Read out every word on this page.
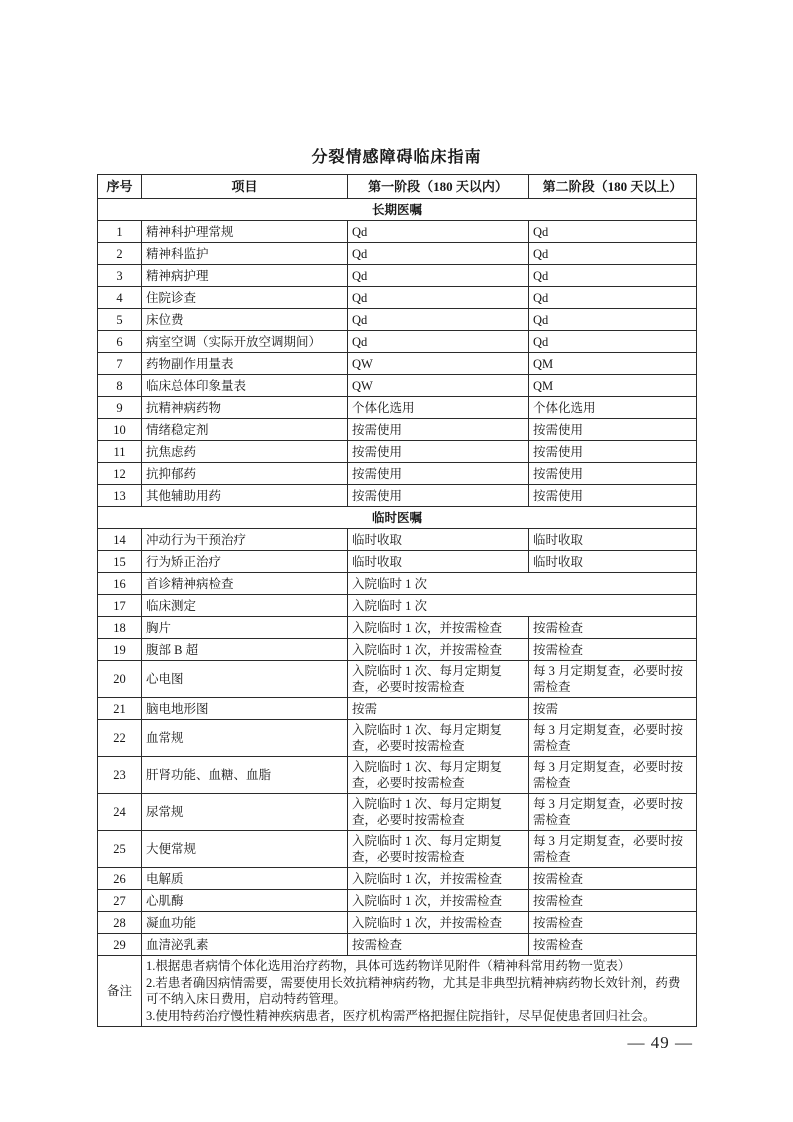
分裂情感障碍临床指南
序号	项目	第一阶段（180 天以内）	第二阶段（180 天以上）
长期医嘱			
1	精神科护理常规	Qd	Qd
2	精神科监护	Qd	Qd
3	精神病护理	Qd	Qd
4	住院诊查	Qd	Qd
5	床位费	Qd	Qd
6	病室空调（实际开放空调期间）	Qd	Qd
7	药物副作用量表	QW	QM
8	临床总体印象量表	QW	QM
9	抗精神病药物	个体化选用	个体化选用
10	情绪稳定剂	按需使用	按需使用
11	抗焦虑药	按需使用	按需使用
12	抗抑郁药	按需使用	按需使用
13	其他辅助用药	按需使用	按需使用
临时医嘱			
14	冲动行为干预治疗	临时收取	临时收取
15	行为矫正治疗	临时收取	临时收取
16	首诊精神病检查	入院临时 1 次	
17	临床测定	入院临时 1 次	
18	胸片	入院临时 1 次，并按需检查	按需检查
19	腹部 B 超	入院临时 1 次，并按需检查	按需检查
20	心电图	入院临时 1 次、每月定期复查，必要时按需检查	每 3 月定期复查，必要时按需检查
21	脑电地形图	按需	按需
22	血常规	入院临时 1 次、每月定期复查，必要时按需检查	每 3 月定期复查，必要时按需检查
23	肝肾功能、血糖、血脂	入院临时 1 次、每月定期复查，必要时按需检查	每 3 月定期复查，必要时按需检查
24	尿常规	入院临时 1 次、每月定期复查，必要时按需检查	每 3 月定期复查，必要时按需检查
25	大便常规	入院临时 1 次、每月定期复查，必要时按需检查	每 3 月定期复查，必要时按需检查
26	电解质	入院临时 1 次，并按需检查	按需检查
27	心肌酶	入院临时 1 次，并按需检查	按需检查
28	凝血功能	入院临时 1 次，并按需检查	按需检查
29	血清泌乳素	按需检查	按需检查
备注	1.根据患者病情个体化选用治疗药物，具体可选药物详见附件（精神科常用药物一览表）
2.若患者确因病情需要，需要使用长效抗精神病药物，尤其是非典型抗精神病药物长效针剂，药费可不纳入床日费用，启动特药管理。
3.使用特药治疗慢性精神疾病患者，医疗机构需严格把握住院指针，尽早促使患者回归社会。		
— 49 —
